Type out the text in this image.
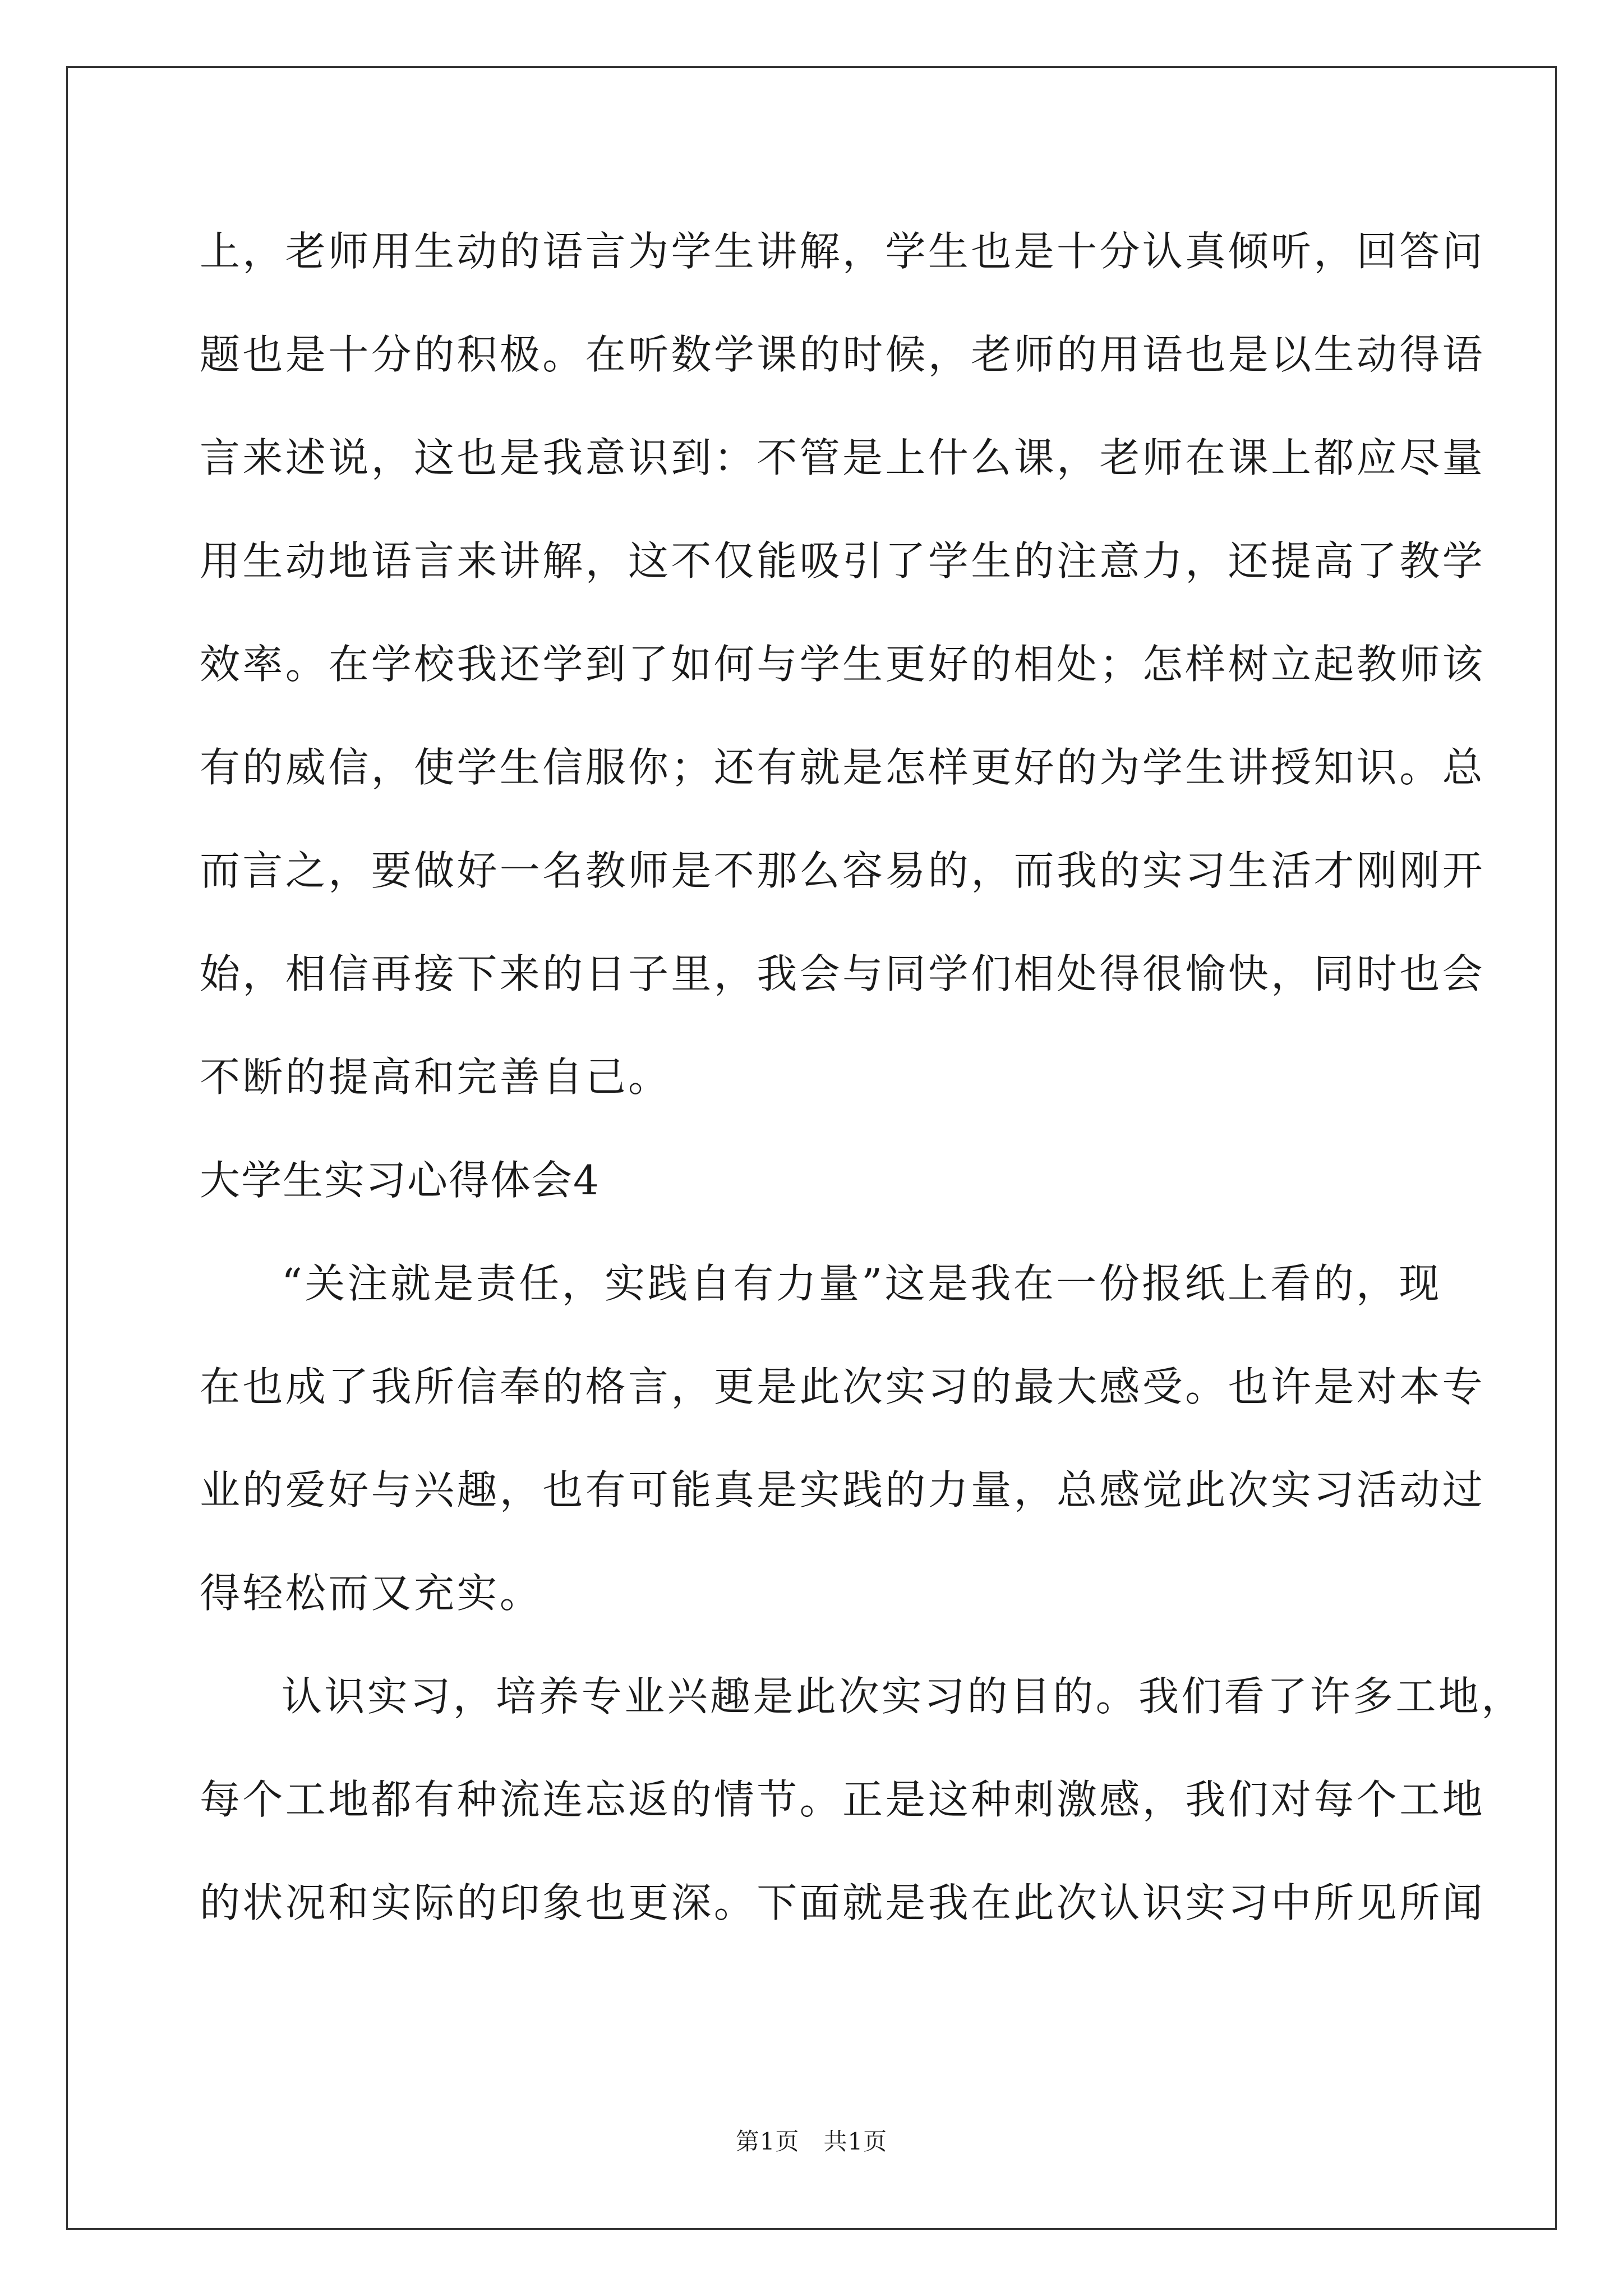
上，老师用生动的语言为学生讲解，学生也是十分认真倾听，回答问
题也是十分的积极。在听数学课的时候，老师的用语也是以生动得语
言来述说，这也是我意识到：不管是上什么课，老师在课上都应尽量
用生动地语言来讲解，这不仅能吸引了学生的注意力，还提高了教学
效率。在学校我还学到了如何与学生更好的相处；怎样树立起教师该
有的威信，使学生信服你；还有就是怎样更好的为学生讲授知识。总
而言之，要做好一名教师是不那么容易的，而我的实习生活才刚刚开
始，相信再接下来的日子里，我会与同学们相处得很愉快，同时也会
不断的提高和完善自己。
大学生实习心得体会4
“关注就是责任，实践自有力量”这是我在一份报纸上看的，现
在也成了我所信奉的格言，更是此次实习的最大感受。也许是对本专
业的爱好与兴趣，也有可能真是实践的力量，总感觉此次实习活动过
得轻松而又充实。
认识实习，培养专业兴趣是此次实习的目的。我们看了许多工地，
每个工地都有种流连忘返的情节。正是这种刺激感，我们对每个工地
的状况和实际的印象也更深。下面就是我在此次认识实习中所见所闻
第1页　共1页
